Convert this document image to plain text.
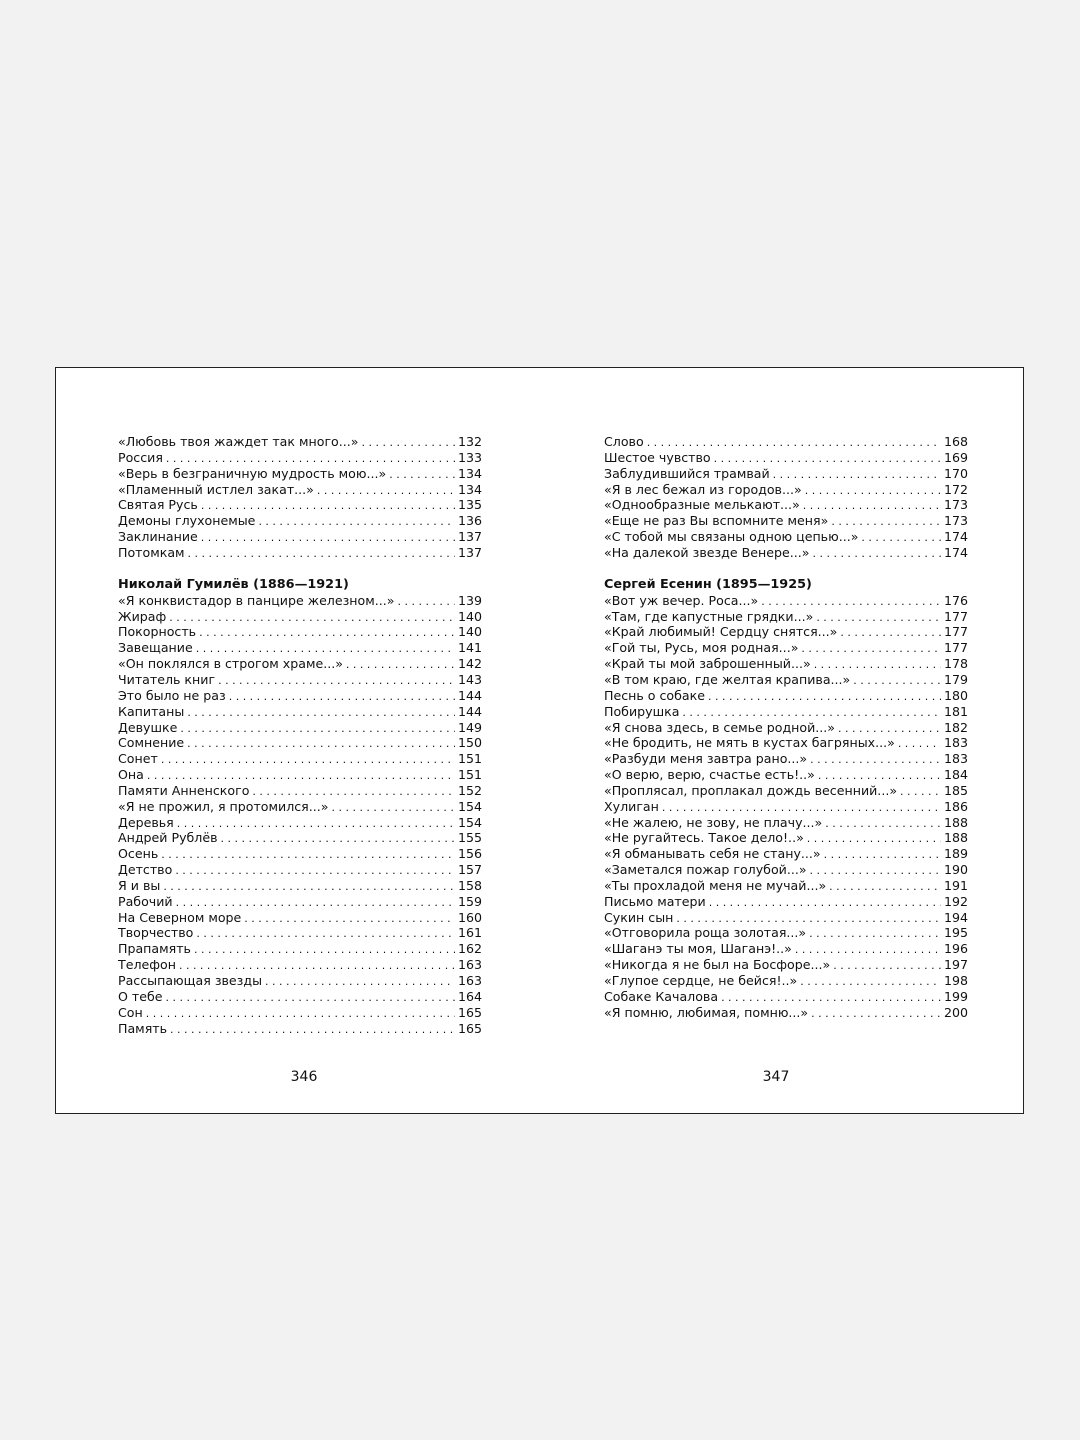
«Любовь твоя жаждет так много...» . . .	132
Россия . . .	133
«Верь в безграничную мудрость мою...» . . .	134
«Пламенный истлел закат...» . . .	134
Святая Русь . . .	135
Демоны глухонемые . . .	136
Заклинание . . .	137
Потомкам . . .	137
Николай Гумилёв (1886—1921)
«Я конквистадор в панцире железном...» . . .	139
Жираф . . .	140
Покорность . . .	140
Завещание . . .	141
«Он поклялся в строгом храме...» . . .	142
Читатель книг . . .	143
Это было не раз . . .	144
Капитаны . . .	144
Девушке . . .	149
Сомнение . . .	150
Сонет . . .	151
Она . . .	151
Памяти Анненского . . .	152
«Я не прожил, я протомился...» . . .	154
Деревья . . .	154
Андрей Рублёв . . .	155
Осень . . .	156
Детство . . .	157
Я и вы . . .	158
Рабочий . . .	159
На Северном море . . .	160
Творчество . . .	161
Прапамять . . .	162
Телефон . . .	163
Рассыпающая звезды . . .	163
О тебе . . .	164
Сон . . .	165
Память . . .	165
Слово . . .	168
Шестое чувство . . .	169
Заблудившийся трамвай . . .	170
«Я в лес бежал из городов...» . . .	172
«Однообразные мелькают...» . . .	173
«Еще не раз Вы вспомните меня» . . .	173
«С тобой мы связаны одною цепью...» . . .	174
«На далекой звезде Венере...» . . .	174
Сергей Есенин (1895—1925)
«Вот уж вечер. Роса...» . . .	176
«Там, где капустные грядки...» . . .	177
«Край любимый! Сердцу снятся...» . . .	177
«Гой ты, Русь, моя родная...» . . .	177
«Край ты мой заброшенный...» . . .	178
«В том краю, где желтая крапива...» . . .	179
Песнь о собаке . . .	180
Побирушка . . .	181
«Я снова здесь, в семье родной...» . . .	182
«Не бродить, не мять в кустах багряных...» . . .	183
«Разбуди меня завтра рано...» . . .	183
«О верю, верю, счастье есть!..» . . .	184
«Проплясал, проплакал дождь весенний...» . . .	185
Хулиган . . .	186
«Не жалею, не зову, не плачу...» . . .	188
«Не ругайтесь. Такое дело!..» . . .	188
«Я обманывать себя не стану...» . . .	189
«Заметался пожар голубой...» . . .	190
«Ты прохладой меня не мучай...» . . .	191
Письмо матери . . .	192
Сукин сын . . .	194
«Отговорила роща золотая...» . . .	195
«Шаганэ ты моя, Шаганэ!..» . . .	196
«Никогда я не был на Босфоре...» . . .	197
«Глупое сердце, не бейся!..» . . .	198
Собаке Качалова . . .	199
«Я помню, любимая, помню...» . . .	200
346	347
